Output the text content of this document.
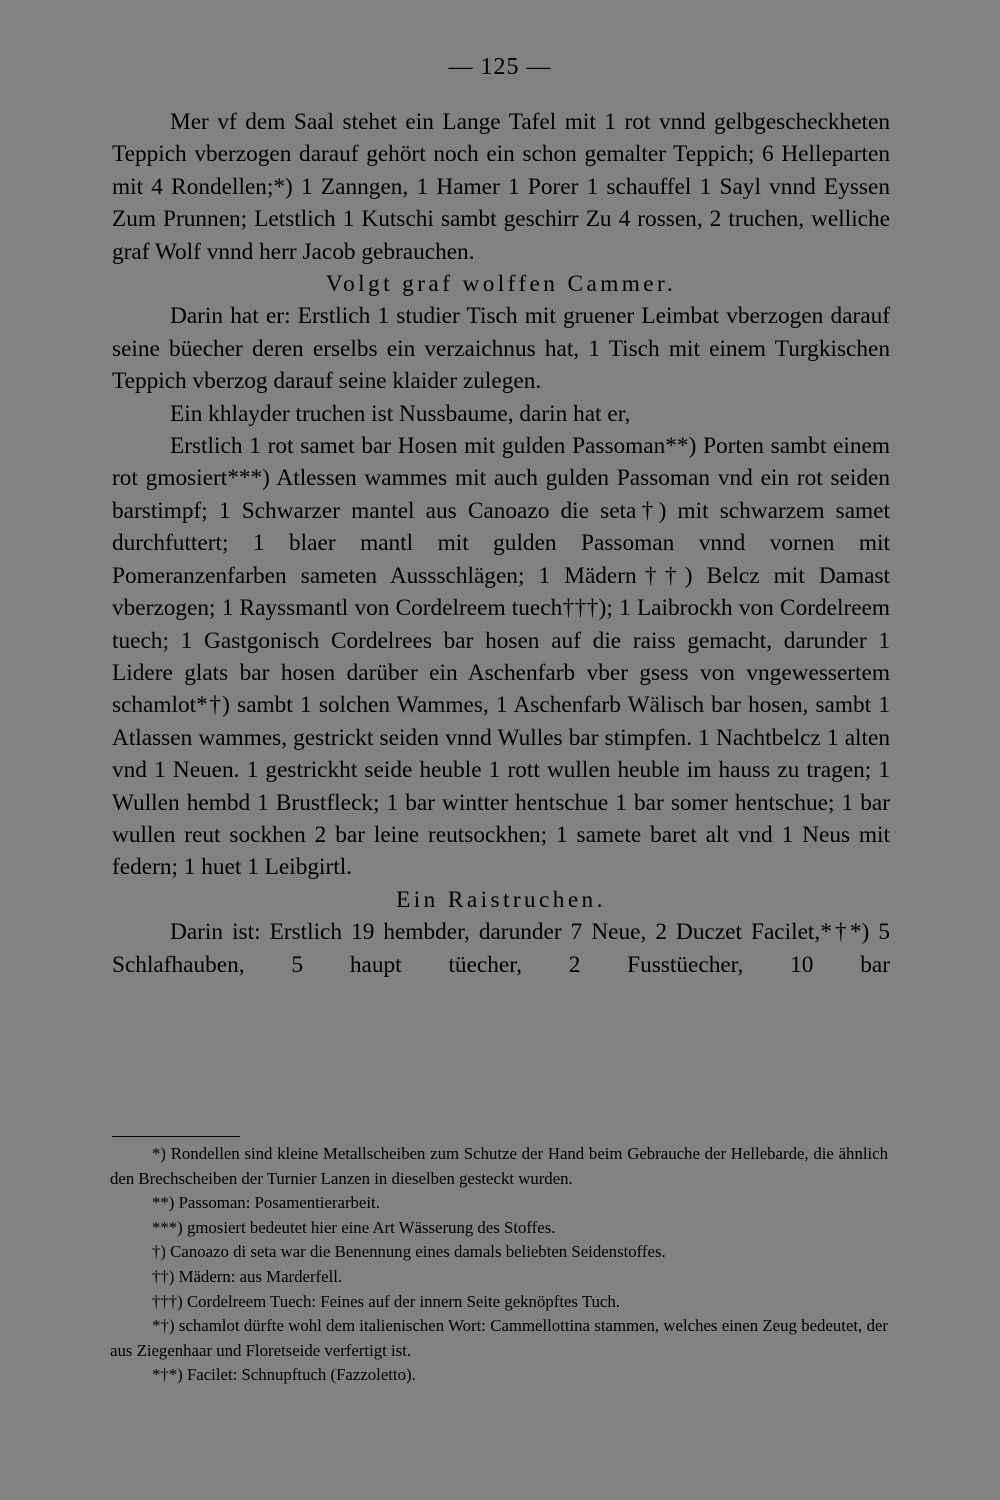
— 125 —

Mer vf dem Saal stehet ein Lange Tafel mit 1 rot vnnd gelbgescheckheten Teppich vberzogen darauf gehört noch ein schon gemalter Teppich; 6 Helleparten mit 4 Rondellen;*) 1 Zanngen, 1 Hamer 1 Porer 1 schauffel 1 Sayl vnnd Eyssen Zum Prunnen; Letstlich 1 Kutschi sambt geschirr Zu 4 rossen, 2 truchen, welliche graf Wolf vnnd herr Jacob gebrauchen.

Volgt graf wolffen Cammer.

Darin hat er: Erstlich 1 studier Tisch mit gruener Leimbat vberzogen darauf seine büecher deren erselbs ein verzaichnus hat, 1 Tisch mit einem Turgkischen Teppich vberzog darauf seine klaider zulegen.

Ein khlayder truchen ist Nussbaume, darin hat er,

Erstlich 1 rot samet bar Hosen mit gulden Passoman**) Porten sambt einem rot gmosiert***) Atlessen wammes mit auch gulden Passoman vnd ein rot seiden barstimpf; 1 Schwarzer mantel aus Canoazo die seta†) mit schwarzem samet durchfuttert; 1 blaer mantl mit gulden Passoman vnnd vornen mit Pomeranzenfarben sameten Aussschlägen; 1 Mädern††) Belcz mit Damast vberzogen; 1 Rayssmantl von Cordelreem tuech†††); 1 Laibrockh von Cordelreem tuech; 1 Gastgonisch Cordelrees bar hosen auf die raiss gemacht, darunder 1 Lidere glats bar hosen darüber ein Aschenfarb vber gsess von vngewessertem schamlot*†) sambt 1 solchen Wammes, 1 Aschenfarb Wälisch bar hosen, sambt 1 Atlassen wammes, gestrickt seiden vnnd Wulles bar stimpfen. 1 Nachtbelcz 1 alten vnd 1 Neuen. 1 gestrickht seide heuble 1 rott wullen heuble im hauss zu tragen; 1 Wullen hembd 1 Brustfleck; 1 bar wintter hentschue 1 bar somer hentschue; 1 bar wullen reut sockhen 2 bar leine reutsockhen; 1 samete baret alt vnd 1 Neus mit federn; 1 huet 1 Leibgirtl.

Ein Raistruchen.

Darin ist: Erstlich 19 hembder, darunder 7 Neue, 2 Duczet Facilet,*†*) 5 Schlafhauben, 5 haupt tüecher, 2 Fusstüecher, 10 bar

*) Rondellen sind kleine Metallscheiben zum Schutze der Hand beim Gebrauche der Hellebarde, die ähnlich den Brechscheiben der Turnier Lanzen in dieselben gesteckt wurden.

**) Passoman: Posamentierarbeit.

***) gmosiert bedeutet hier eine Art Wässerung des Stoffes.

†) Canoazo di seta war die Benennung eines damals beliebten Seidenstoffes.

††) Mädern: aus Marderfell.

†††) Cordelreem Tuech: Feines auf der innern Seite geknöpftes Tuch.

*†) schamlot dürfte wohl dem italienischen Wort: Cammellottina stammen, welches einen Zeug bedeutet, der aus Ziegenhaar und Floretseide verfertigt ist.

*†*) Facilet: Schnupftuch (Fazzoletto).
